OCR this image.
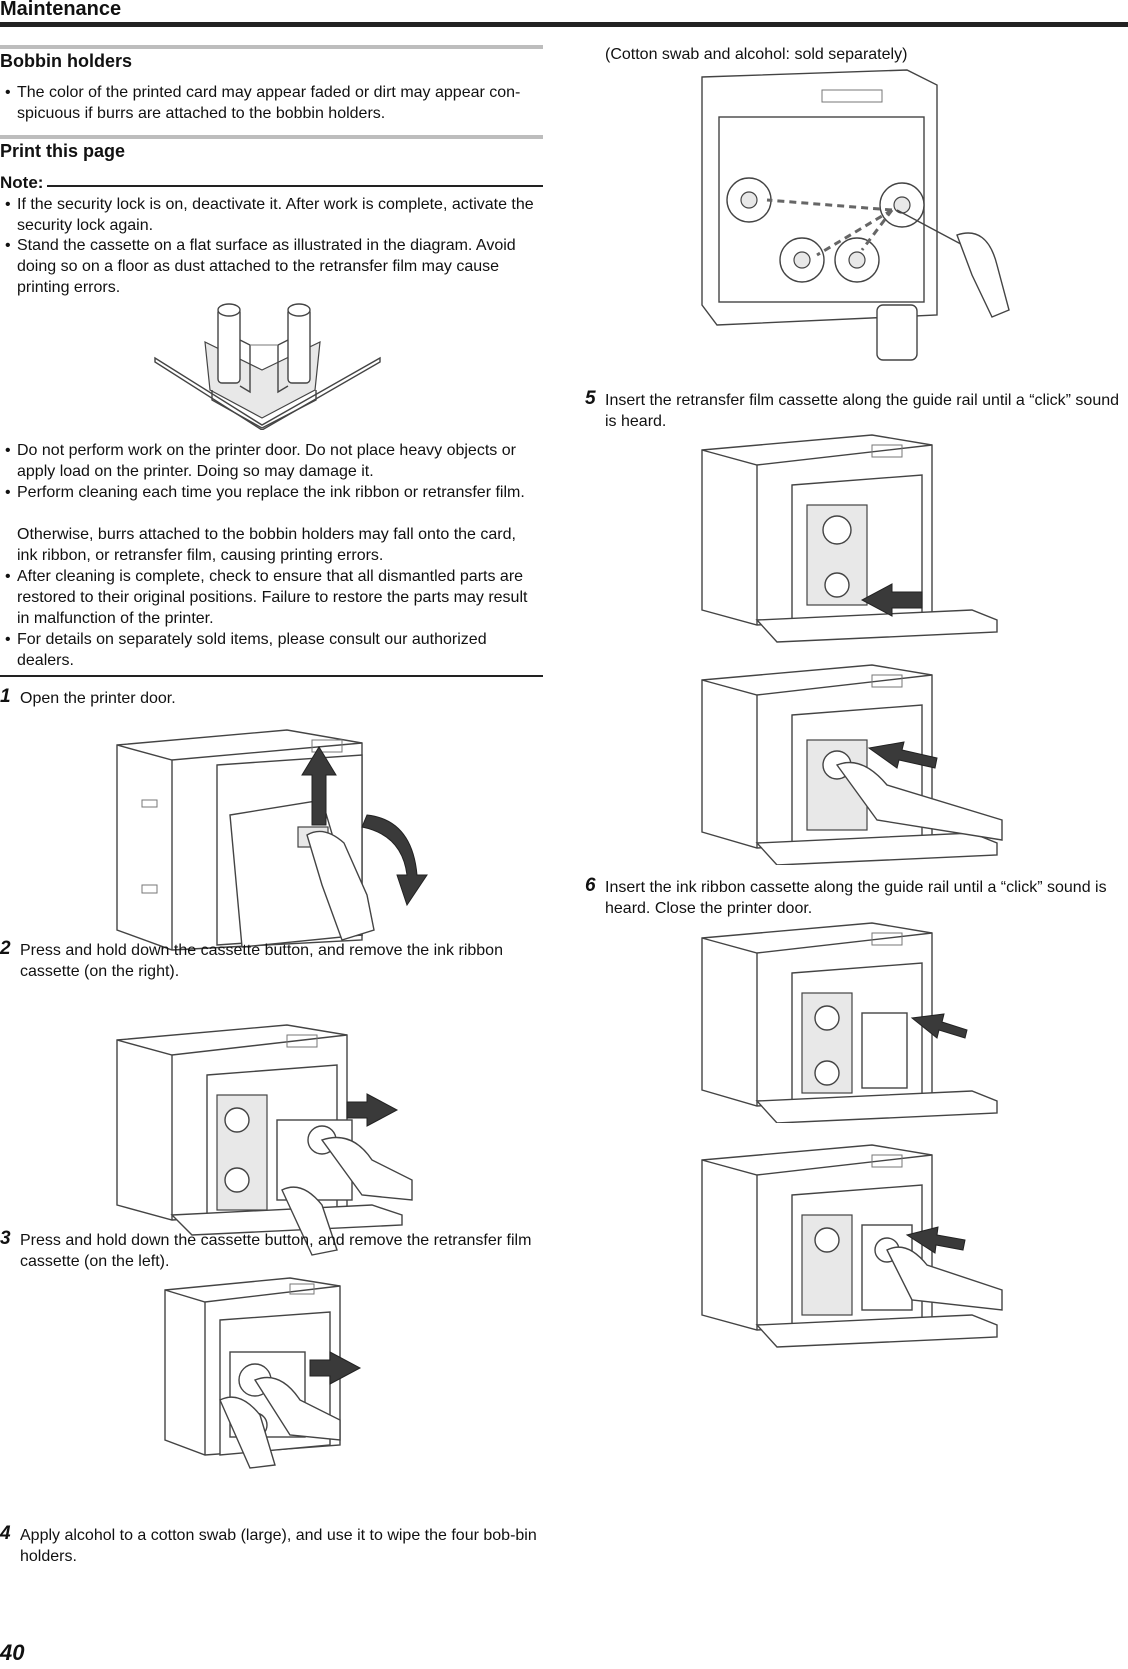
Maintenance
Bobbin holders
• The color of the printed card may appear faded or dirt may appear con-spicuous if burrs are attached to the bobbin holders.
Print this page
Note:
• If the security lock is on, deactivate it. After work is complete, activate the security lock again.
• Stand the cassette on a flat surface as illustrated in the diagram. Avoid doing so on a floor as dust attached to the retransfer film may cause printing errors.
• Do not perform work on the printer door. Do not place heavy objects or apply load on the printer. Doing so may damage it.
• Perform cleaning each time you replace the ink ribbon or retransfer film.
Otherwise, burrs attached to the bobbin holders may fall onto the card, ink ribbon, or retransfer film, causing printing errors.
• After cleaning is complete, check to ensure that all dismantled parts are restored to their original positions. Failure to restore the parts may result in malfunction of the printer.
• For details on separately sold items, please consult our authorized dealers.
1 Open the printer door.
2 Press and hold down the cassette button, and remove the ink ribbon cassette (on the right).
3 Press and hold down the cassette button, and remove the retransfer film cassette (on the left).
4 Apply alcohol to a cotton swab (large), and use it to wipe the four bob-bin holders.
40
(Cotton swab and alcohol: sold separately)
5 Insert the retransfer film cassette along the guide rail until a “click” sound is heard.
6 Insert the ink ribbon cassette along the guide rail until a “click” sound is heard. Close the printer door.
